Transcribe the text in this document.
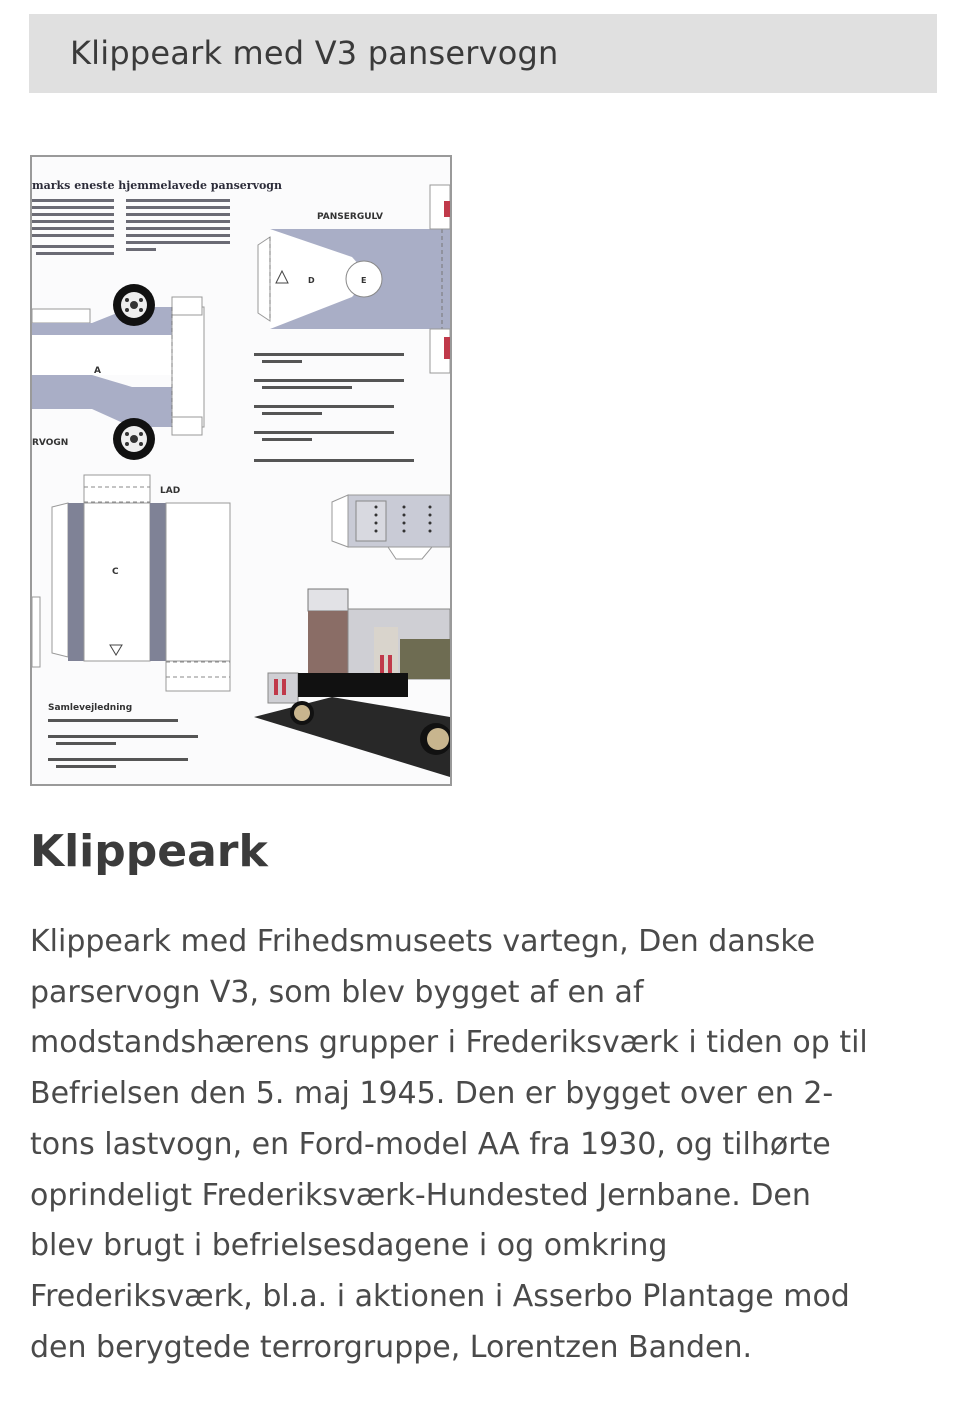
Klippeark med V3 panservogn
marks eneste hjemmelavede panservogn
A
RVOGN
PANSERGULV
D	E
LAD
C
Samlevejledning
Klippeark

Klippeark med Frihedsmuseets vartegn, Den danske
parservogn V3, som blev bygget af en af
modstandshærens grupper i Frederiksværk i tiden op til
Befrielsen den 5. maj 1945. Den er bygget over en 2-
tons lastvogn, en Ford-model AA fra 1930, og tilhørte
oprindeligt Frederiksværk-Hundested Jernbane. Den
blev brugt i befrielsesdagene i og omkring
Frederiksværk, bl.a. i aktionen i Asserbo Plantage mod
den berygtede terrorgruppe, Lorentzen Banden.
